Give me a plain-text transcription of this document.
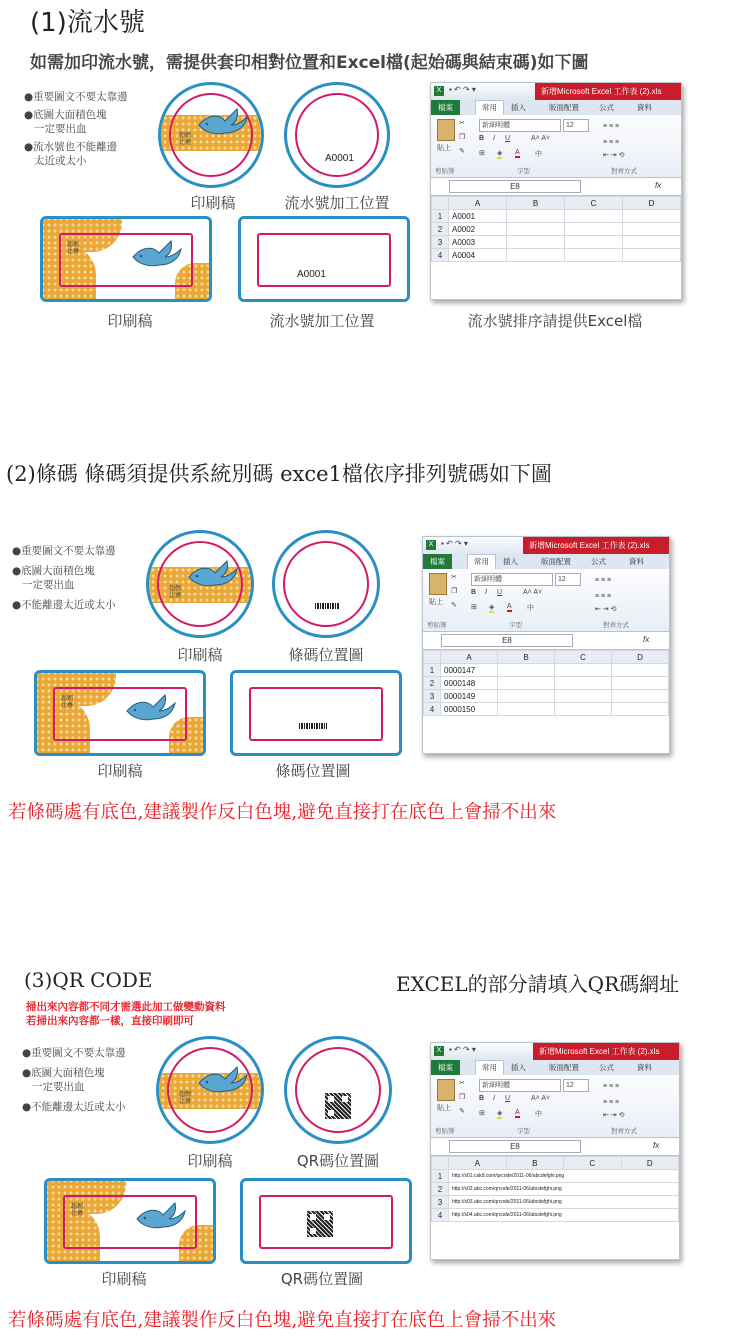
(1)流水號
如需加印流水號，需提供套印相對位置和Excel檔(起始碼與結束碼)如下圖
●重要圖文不要太靠邊
●底圖大面積色塊
一定要出血
●流水號也不能離邊
太近或太小
超韌
比賽
印刷稿
A0001
流水號加工位置
超韌
比賽
印刷稿
A0001
流水號加工位置
X ▪ ↶ ↷ ▾	新增Microsoft Excel 工作表 (2).xls
檔案	常用	插入	版面配置	公式	資料
貼上
✂
❐
✎
新細明體	12
B I U	A˄ A˅
⊞ ◈ A 中
≡ ≡ ≡
≡ ≡ ≡
⇤ ⇥ ⟲
剪貼簿	字型	對齊方式
E8	fx
	A	B	C	D
1	A0001			
2	A0002			
3	A0003			
4	A0004			
流水號排序請提供Excel檔
(2)條碼 條碼須提供系統別碼 exce1檔依序排列號碼如下圖
●重要圖文不要太靠邊
●底圖大面積色塊
一定要出血
●不能離邊太近或太小
超韌
比賽
印刷稿	條碼位置圖
超韌
比賽
印刷稿	條碼位置圖
X ▪ ↶ ↷ ▾	新增Microsoft Excel 工作表 (2).xls
檔案	常用	插入	版面配置	公式	資料
貼上
✂
❐
✎
新細明體	12
B I U	A˄ A˅
⊞ ◈ A 中
≡ ≡ ≡
≡ ≡ ≡
⇤ ⇥ ⟲
剪貼簿	字型	對齊方式
E8	fx
	A	B	C	D
1	0000147			
2	0000148			
3	0000149			
4	0000150			
若條碼處有底色,建議製作反白色塊,避免直接打在底色上會掃不出來
(3)QR CODE	EXCEL的部分請填入QR碼網址
掃出來內容都不同才需選此加工做變動資料
若掃出來內容都一樣，直接印刷即可
●重要圖文不要太靠邊
●底圖大面積色塊
一定要出血
●不能離邊太近或太小
超韌
比賽
印刷稿	QR碼位置圖
超韌
比賽
印刷稿	QR碼位置圖
X ▪ ↶ ↷ ▾	新增Microsoft Excel 工作表 (2).xls
檔案	常用	插入	版面配置	公式	資料
貼上
✂
❐
✎
新細明體	12
B I U	A˄ A˅
⊞ ◈ A 中
≡ ≡ ≡
≡ ≡ ≡
⇤ ⇥ ⟲
剪貼簿	字型	對齊方式
E8	fx
	A	B	C	D
1	http://s01.cak9.com/qrcode/2011-06/abcdefghi.png			
2	http://s02.abc.com/qrcode/2011-06/abcdefghi.png			
3	http://s03.abc.com/qrcode/2011-06/abcdefghi.png			
4	http://s04.abc.com/qrcode/2011-06/abcdefghi.png			
若條碼處有底色,建議製作反白色塊,避免直接打在底色上會掃不出來
